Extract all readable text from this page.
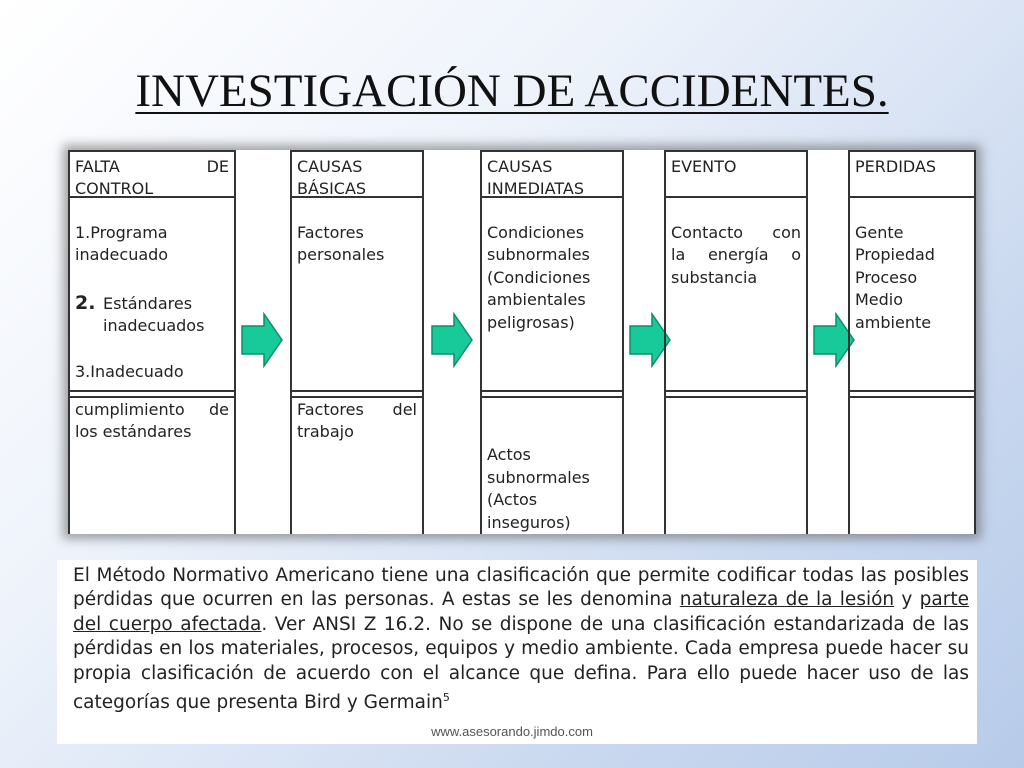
INVESTIGACIÓN DE ACCIDENTES.
FALTA	DE
CONTROL
1.Programa
inadecuado
2. Estándares
inadecuados
3.Inadecuado
cumplimiento de
los estándares
CAUSAS
BÁSICAS
Factores
personales
Factores del
trabajo
CAUSAS
INMEDIATAS
Condiciones
subnormales
(Condiciones
ambientales
peligrosas)
Actos
subnormales
(Actos
inseguros)
EVENTO
Contacto con
la energía o
substancia
PERDIDAS
Gente
Propiedad
Proceso
Medio
ambiente
El Método Normativo Americano tiene una clasificación que permite codificar todas las posibles pérdidas que ocurren en las personas. A estas se les denomina naturaleza de la lesión y parte del cuerpo afectada. Ver ANSI Z 16.2. No se dispone de una clasificación estandarizada de las pérdidas en los materiales, procesos, equipos y medio ambiente. Cada empresa puede hacer su propia clasificación de acuerdo con el alcance que defina. Para ello puede hacer uso de las categorías que presenta Bird y Germain$^5$
www.asesorando.jimdo.com
